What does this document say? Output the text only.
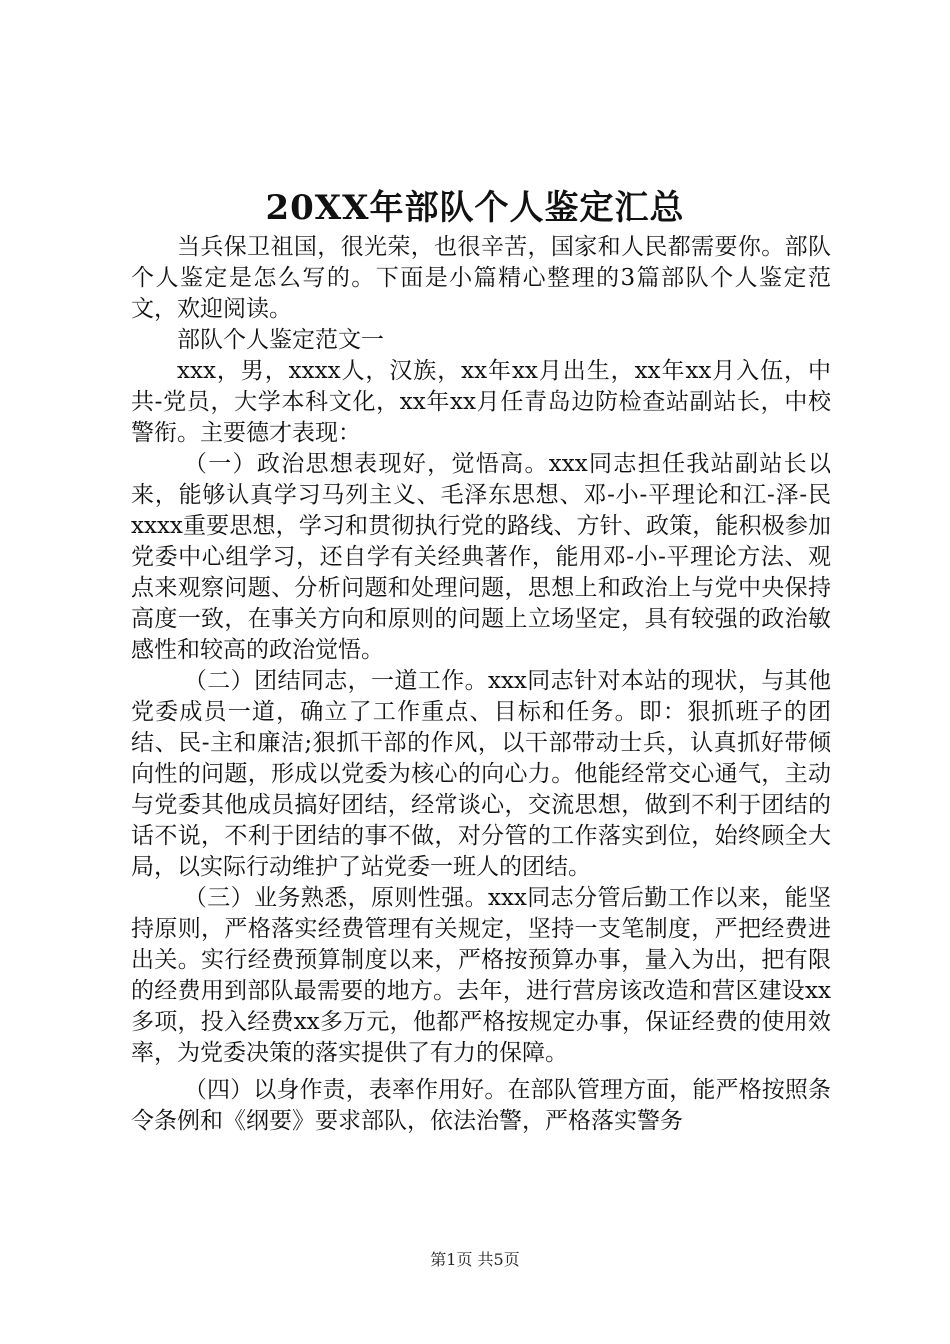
20XX年部队个人鉴定汇总

当兵保卫祖国，很光荣，也很辛苦，国家和人民都需要你。部队个人鉴定是怎么写的。下面是小篇精心整理的3篇部队个人鉴定范文，欢迎阅读。

部队个人鉴定范文一

xxx，男，xxxx人，汉族，xx年xx月出生，xx年xx月入伍，中共-党员，大学本科文化，xx年xx月任青岛边防检查站副站长，中校警衔。主要德才表现：

（一）政治思想表现好，觉悟高。xxx同志担任我站副站长以来，能够认真学习马列主义、毛泽东思想、邓-小-平理论和江-泽-民xxxx重要思想，学习和贯彻执行党的路线、方针、政策，能积极参加党委中心组学习，还自学有关经典著作，能用邓-小-平理论方法、观点来观察问题、分析问题和处理问题，思想上和政治上与党中央保持高度一致，在事关方向和原则的问题上立场坚定，具有较强的政治敏感性和较高的政治觉悟。

（二）团结同志，一道工作。xxx同志针对本站的现状，与其他党委成员一道，确立了工作重点、目标和任务。即：狠抓班子的团结、民-主和廉洁;狠抓干部的作风，以干部带动士兵，认真抓好带倾向性的问题，形成以党委为核心的向心力。他能经常交心通气，主动与党委其他成员搞好团结，经常谈心，交流思想，做到不利于团结的话不说，不利于团结的事不做，对分管的工作落实到位，始终顾全大局，以实际行动维护了站党委一班人的团结。

（三）业务熟悉，原则性强。xxx同志分管后勤工作以来，能坚持原则，严格落实经费管理有关规定，坚持一支笔制度，严把经费进出关。实行经费预算制度以来，严格按预算办事，量入为出，把有限的经费用到部队最需要的地方。去年，进行营房该改造和营区建设xx多项，投入经费xx多万元，他都严格按规定办事，保证经费的使用效率，为党委决策的落实提供了有力的保障。

（四）以身作责，表率作用好。在部队管理方面，能严格按照条令条例和《纲要》要求部队，依法治警，严格落实警务

第1页 共5页
